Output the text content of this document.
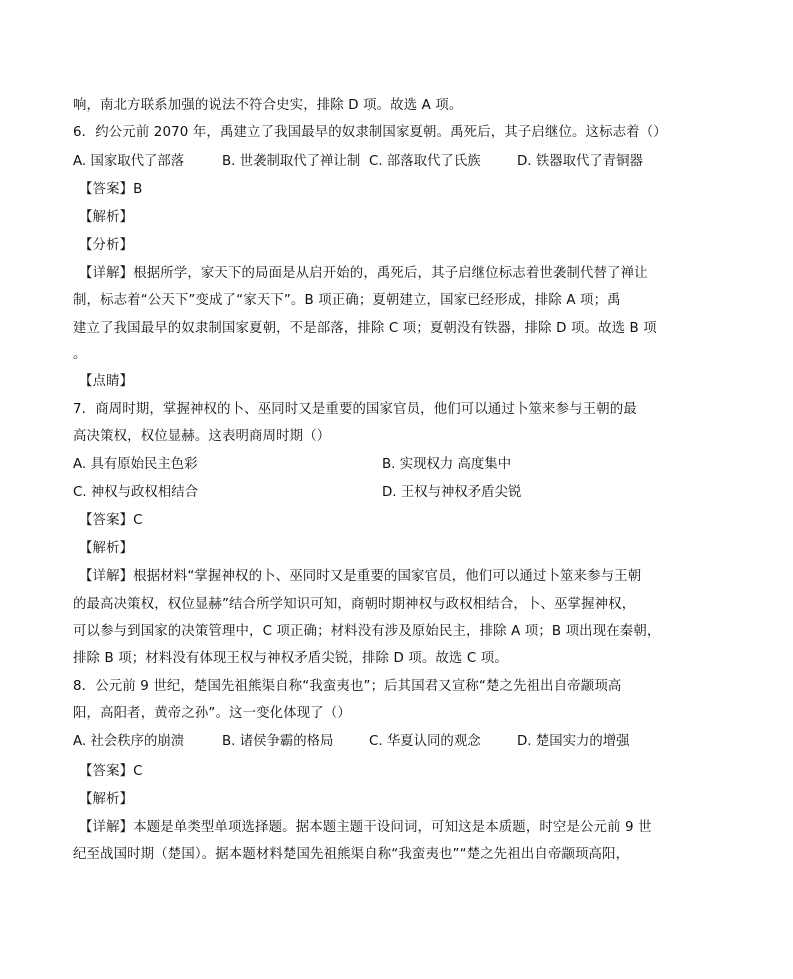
响，南北方联系加强的说法不符合史实，排除 D 项。故选 A 项。
6．约公元前 2070 年，禹建立了我国最早的奴隶制国家夏朝。禹死后，其子启继位。这标志着（）
A. 国家取代了部落	B. 世袭制取代了禅让制 C. 部落取代了氏族	D. 铁器取代了青铜器
【答案】B
【解析】
【分析】
【详解】根据所学，家天下的局面是从启开始的，禹死后，其子启继位标志着世袭制代替了禅让
制，标志着“公天下”变成了“家天下”。B 项正确；夏朝建立，国家已经形成，排除 A 项；禹
建立了我国最早的奴隶制国家夏朝，不是部落，排除 C 项；夏朝没有铁器，排除 D 项。故选 B 项
。
【点睛】
7．商周时期，掌握神权的卜、巫同时又是重要的国家官员，他们可以通过卜筮来参与王朝的最
高决策权，权位显赫。这表明商周时期（）
A. 具有原始民主色彩	B. 实现权力 高度集中
C. 神权与政权相结合	D. 王权与神权矛盾尖锐
【答案】C
【解析】
【详解】根据材料“掌握神权的卜、巫同时又是重要的国家官员，他们可以通过卜筮来参与王朝
的最高决策权，权位显赫”结合所学知识可知，商朝时期神权与政权相结合，卜、巫掌握神权，
可以参与到国家的决策管理中，C 项正确；材料没有涉及原始民主，排除 A 项；B 项出现在秦朝，
排除 B 项；材料没有体现王权与神权矛盾尖锐，排除 D 项。故选 C 项。
8．公元前 9 世纪，楚国先祖熊渠自称“我蛮夷也”；后其国君又宣称“楚之先祖出自帝颛顼高
阳，高阳者，黄帝之孙”。这一变化体现了（）
A. 社会秩序的崩溃	B. 诸侯争霸的格局	C. 华夏认同的观念	D. 楚国实力的增强
【答案】C
【解析】
【详解】本题是单类型单项选择题。据本题主题干设问词，可知这是本质题，时空是公元前 9 世
纪至战国时期（楚国）。据本题材料楚国先祖熊渠自称“我蛮夷也”“楚之先祖出自帝颛顼高阳，
